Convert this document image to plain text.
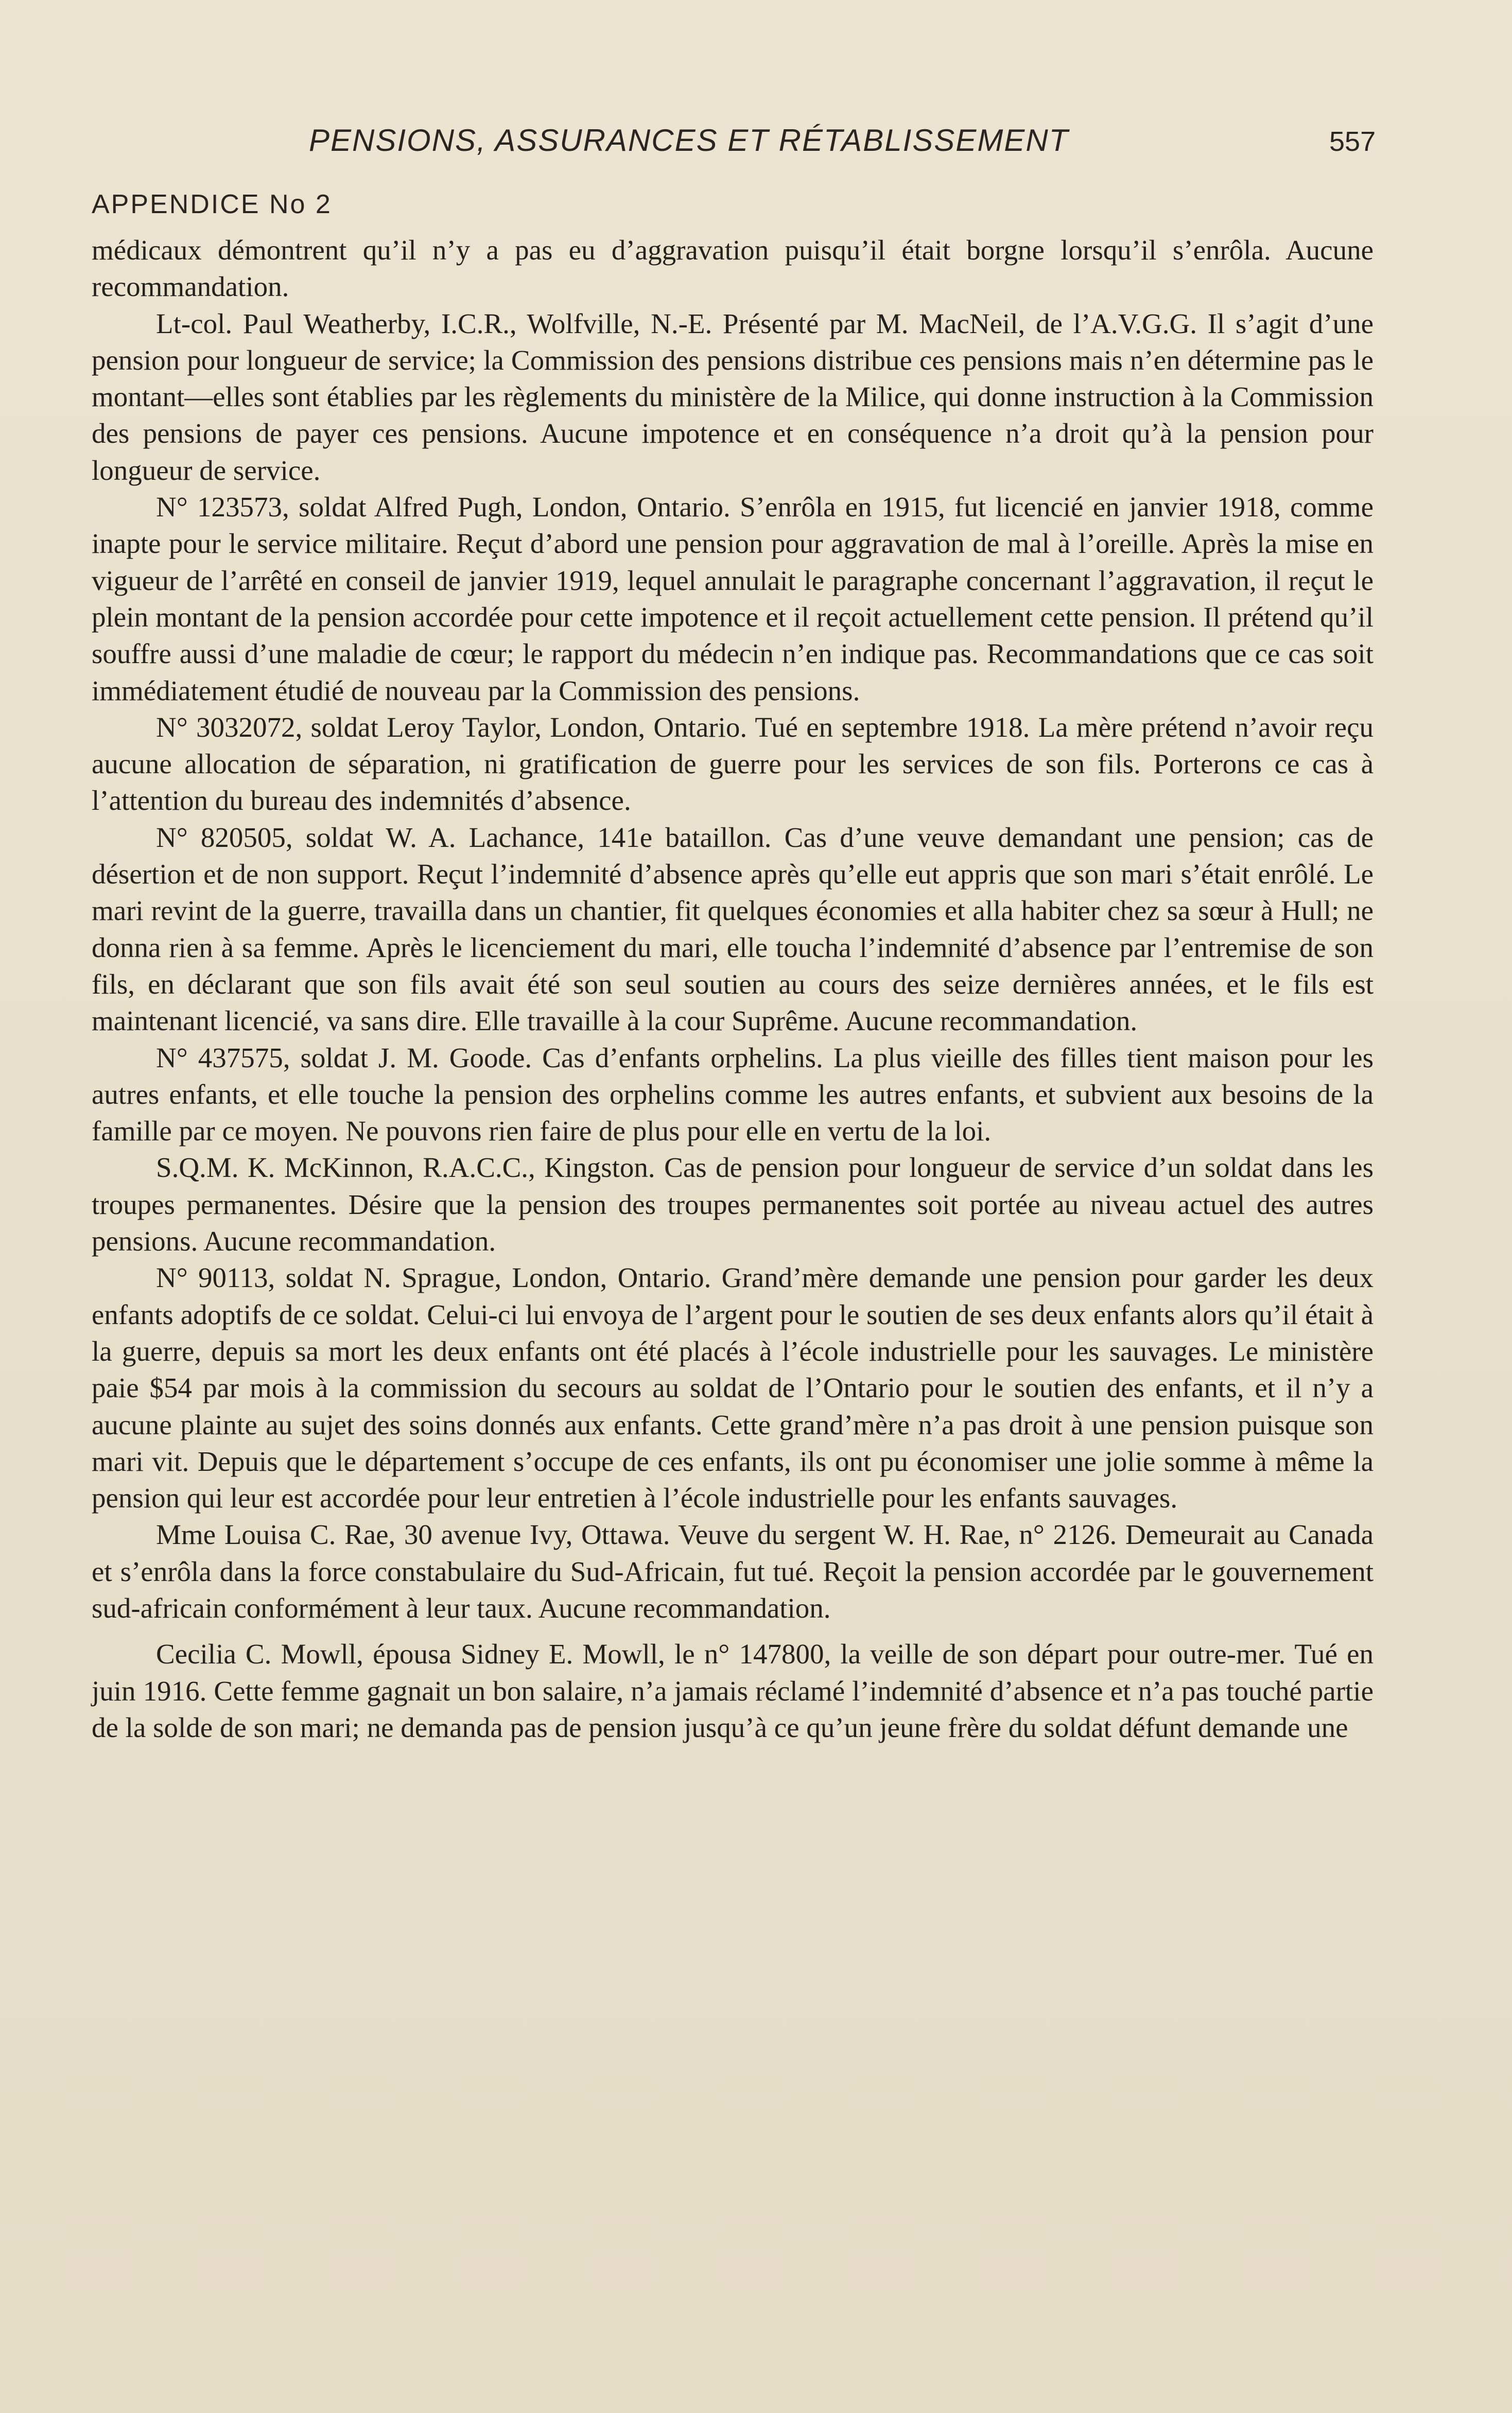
PENSIONS, ASSURANCES ET RÉTABLISSEMENT	557
APPENDICE No 2

médicaux démontrent qu’il n’y a pas eu d’aggravation puisqu’il était borgne lorsqu’il s’enrôla. Aucune recommandation.

Lt-col. Paul Weatherby, I.C.R., Wolfville, N.-E. Présenté par M. MacNeil, de l’A.V.G.G. Il s’agit d’une pension pour longueur de service; la Commission des pensions distribue ces pensions mais n’en détermine pas le montant—elles sont établies par les règlements du ministère de la Milice, qui donne instruction à la Commission des pensions de payer ces pensions. Aucune impotence et en conséquence n’a droit qu’à la pension pour longueur de service.

N° 123573, soldat Alfred Pugh, London, Ontario. S’enrôla en 1915, fut licencié en janvier 1918, comme inapte pour le service militaire. Reçut d’abord une pension pour aggravation de mal à l’oreille. Après la mise en vigueur de l’arrêté en conseil de janvier 1919, lequel annulait le paragraphe concernant l’aggravation, il reçut le plein montant de la pension accordée pour cette impotence et il reçoit actuellement cette pension. Il prétend qu’il souffre aussi d’une maladie de cœur; le rapport du médecin n’en indique pas. Recommandations que ce cas soit immédiatement étudié de nouveau par la Commission des pensions.

N° 3032072, soldat Leroy Taylor, London, Ontario. Tué en septembre 1918. La mère prétend n’avoir reçu aucune allocation de séparation, ni gratification de guerre pour les services de son fils. Porterons ce cas à l’attention du bureau des indemnités d’absence.

N° 820505, soldat W. A. Lachance, 141e bataillon. Cas d’une veuve demandant une pension; cas de désertion et de non support. Reçut l’indemnité d’absence après qu’elle eut appris que son mari s’était enrôlé. Le mari revint de la guerre, travailla dans un chantier, fit quelques économies et alla habiter chez sa sœur à Hull; ne donna rien à sa femme. Après le licenciement du mari, elle toucha l’indemnité d’absence par l’entremise de son fils, en déclarant que son fils avait été son seul soutien au cours des seize dernières années, et le fils est maintenant licencié, va sans dire. Elle travaille à la cour Suprême. Aucune recommandation.

N° 437575, soldat J. M. Goode. Cas d’enfants orphelins. La plus vieille des filles tient maison pour les autres enfants, et elle touche la pension des orphelins comme les autres enfants, et subvient aux besoins de la famille par ce moyen. Ne pouvons rien faire de plus pour elle en vertu de la loi.

S.Q.M. K. McKinnon, R.A.C.C., Kingston. Cas de pension pour longueur de service d’un soldat dans les troupes permanentes. Désire que la pension des troupes permanentes soit portée au niveau actuel des autres pensions. Aucune recommandation.

N° 90113, soldat N. Sprague, London, Ontario. Grand’mère demande une pension pour garder les deux enfants adoptifs de ce soldat. Celui-ci lui envoya de l’argent pour le soutien de ses deux enfants alors qu’il était à la guerre, depuis sa mort les deux enfants ont été placés à l’école industrielle pour les sauvages. Le ministère paie $54 par mois à la commission du secours au soldat de l’Ontario pour le soutien des enfants, et il n’y a aucune plainte au sujet des soins donnés aux enfants. Cette grand’mère n’a pas droit à une pension puisque son mari vit. Depuis que le département s’occupe de ces enfants, ils ont pu économiser une jolie somme à même la pension qui leur est accordée pour leur entretien à l’école industrielle pour les enfants sauvages.

Mme Louisa C. Rae, 30 avenue Ivy, Ottawa. Veuve du sergent W. H. Rae, n° 2126. Demeurait au Canada et s’enrôla dans la force constabulaire du Sud-Africain, fut tué. Reçoit la pension accordée par le gouvernement sud-africain conformément à leur taux. Aucune recommandation.

Cecilia C. Mowll, épousa Sidney E. Mowll, le n° 147800, la veille de son départ pour outre-mer. Tué en juin 1916. Cette femme gagnait un bon salaire, n’a jamais réclamé l’indemnité d’absence et n’a pas touché partie de la solde de son mari; ne demanda pas de pension jusqu’à ce qu’un jeune frère du soldat défunt demande une
